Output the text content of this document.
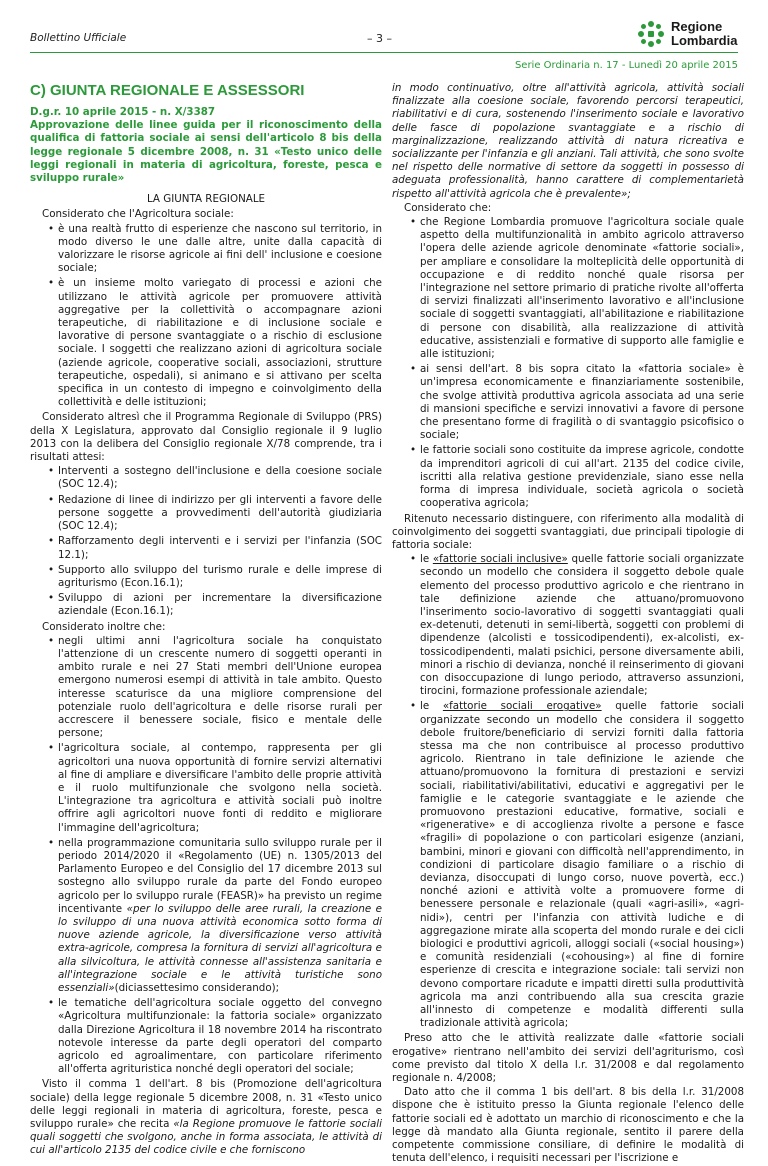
Bollettino Ufficiale	– 3 –
Regione
Lombardia
Serie Ordinaria n. 17 - Lunedì 20 aprile 2015
C) GIUNTA REGIONALE E ASSESSORI
D.g.r. 10 aprile 2015 - n. X/3387
Approvazione delle linee guida per il riconoscimento della qualifica di fattoria sociale ai sensi dell'articolo 8 bis della legge regionale 5 dicembre 2008, n. 31 «Testo unico delle leggi regionali in materia di agricoltura, foreste, pesca e sviluppo rurale»
LA GIUNTA REGIONALE

Considerato che l'Agricoltura sociale:

• è una realtà frutto di esperienze che nascono sul territorio, in modo diverso le une dalle altre, unite dalla capacità di valorizzare le risorse agricole ai fini dell' inclusione e coesione sociale;
• è un insieme molto variegato di processi e azioni che utilizzano le attività agricole per promuovere attività aggregative per la collettività o accompagnare azioni terapeutiche, di riabilitazione e di inclusione sociale e lavorative di persone svantaggiate o a rischio di esclusione sociale. I soggetti che realizzano azioni di agricoltura sociale (aziende agricole, cooperative sociali, associazioni, strutture terapeutiche, ospedali), si animano e si attivano per scelta specifica in un contesto di impegno e coinvolgimento della collettività e delle istituzioni;

Considerato altresì che il Programma Regionale di Sviluppo (PRS) della X Legislatura, approvato dal Consiglio regionale il 9 luglio 2013 con la delibera del Consiglio regionale X/78 comprende, tra i risultati attesi:

• Interventi a sostegno dell'inclusione e della coesione sociale (SOC 12.4);
• Redazione di linee di indirizzo per gli interventi a favore delle persone soggette a provvedimenti dell'autorità giudiziaria (SOC 12.4);
• Rafforzamento degli interventi e i servizi per l'infanzia (SOC 12.1);
• Supporto allo sviluppo del turismo rurale e delle imprese di agriturismo (Econ.16.1);
• Sviluppo di azioni per incrementare la diversificazione aziendale (Econ.16.1);

Considerato inoltre che:

• negli ultimi anni l'agricoltura sociale ha conquistato l'attenzione di un crescente numero di soggetti operanti in ambito rurale e nei 27 Stati membri dell'Unione europea emergono numerosi esempi di attività in tale ambito. Questo interesse scaturisce da una migliore comprensione del potenziale ruolo dell'agricoltura e delle risorse rurali per accrescere il benessere sociale, fisico e mentale delle persone;
• l'agricoltura sociale, al contempo, rappresenta per gli agricoltori una nuova opportunità di fornire servizi alternativi al fine di ampliare e diversificare l'ambito delle proprie attività e il ruolo multifunzionale che svolgono nella società. L'integrazione tra agricoltura e attività sociali può inoltre offrire agli agricoltori nuove fonti di reddito e migliorare l'immagine dell'agricoltura;
• nella programmazione comunitaria sullo sviluppo rurale per il periodo 2014/2020 il «Regolamento (UE) n. 1305/2013 del Parlamento Europeo e del Consiglio del 17 dicembre 2013 sul sostegno allo sviluppo rurale da parte del Fondo europeo agricolo per lo sviluppo rurale (FEASR)» ha previsto un regime incentivante «per lo sviluppo delle aree rurali, la creazione e lo sviluppo di una nuova attività economica sotto forma di nuove aziende agricole, la diversificazione verso attività extra-agricole, compresa la fornitura di servizi all'agricoltura e alla silvicoltura, le attività connesse all'assistenza sanitaria e all'integrazione sociale e le attività turistiche sono essenziali»(diciassettesimo considerando);
• le tematiche dell'agricoltura sociale oggetto del convegno «Agricoltura multifunzionale: la fattoria sociale» organizzato dalla Direzione Agricoltura il 18 novembre 2014 ha riscontrato notevole interesse da parte degli operatori del comparto agricolo ed agroalimentare, con particolare riferimento all'offerta agrituristica nonché degli operatori del sociale;

Visto il comma 1 dell'art. 8 bis (Promozione dell'agricoltura sociale) della legge regionale 5 dicembre 2008, n. 31 «Testo unico delle leggi regionali in materia di agricoltura, foreste, pesca e sviluppo rurale» che recita «la Regione promuove le fattorie sociali quali soggetti che svolgono, anche in forma associata, le attività di cui all'articolo 2135 del codice civile e che forniscono

in modo continuativo, oltre all'attività agricola, attività sociali finalizzate alla coesione sociale, favorendo percorsi terapeutici, riabilitativi e di cura, sostenendo l'inserimento sociale e lavorativo delle fasce di popolazione svantaggiate e a rischio di marginalizzazione, realizzando attività di natura ricreativa e socializzante per l'infanzia e gli anziani. Tali attività, che sono svolte nel rispetto delle normative di settore da soggetti in possesso di adeguata professionalità, hanno carattere di complementarietà rispetto all'attività agricola che è prevalente»;

Considerato che:

• che Regione Lombardia promuove l'agricoltura sociale quale aspetto della multifunzionalità in ambito agricolo attraverso l'opera delle aziende agricole denominate «fattorie sociali», per ampliare e consolidare la molteplicità delle opportunità di occupazione e di reddito nonché quale risorsa per l'integrazione nel settore primario di pratiche rivolte all'offerta di servizi finalizzati all'inserimento lavorativo e all'inclusione sociale di soggetti svantaggiati, all'abilitazione e riabilitazione di persone con disabilità, alla realizzazione di attività educative, assistenziali e formative di supporto alle famiglie e alle istituzioni;
• ai sensi dell'art. 8 bis sopra citato la «fattoria sociale» è un'impresa economicamente e finanziariamente sostenibile, che svolge attività produttiva agricola associata ad una serie di mansioni specifiche e servizi innovativi a favore di persone che presentano forme di fragilità o di svantaggio psicofisico o sociale;
• le fattorie sociali sono costituite da imprese agricole, condotte da imprenditori agricoli di cui all'art. 2135 del codice civile, iscritti alla relativa gestione previdenziale, siano esse nella forma di impresa individuale, società agricola o società cooperativa agricola;

Ritenuto necessario distinguere, con riferimento alla modalità di coinvolgimento dei soggetti svantaggiati, due principali tipologie di fattoria sociale:

• le «fattorie sociali inclusive» quelle fattorie sociali organizzate secondo un modello che considera il soggetto debole quale elemento del processo produttivo agricolo e che rientrano in tale definizione aziende che attuano/promuovono l'inserimento socio-lavorativo di soggetti svantaggiati quali ex-detenuti, detenuti in semi-libertà, soggetti con problemi di dipendenze (alcolisti e tossicodipendenti), ex-alcolisti, ex-tossicodipendenti, malati psichici, persone diversamente abili, minori a rischio di devianza, nonché il reinserimento di giovani con disoccupazione di lungo periodo, attraverso assunzioni, tirocini, formazione professionale aziendale;
• le «fattorie sociali erogative» quelle fattorie sociali organizzate secondo un modello che considera il soggetto debole fruitore/beneficiario di servizi forniti dalla fattoria stessa ma che non contribuisce al processo produttivo agricolo. Rientrano in tale definizione le aziende che attuano/promuovono la fornitura di prestazioni e servizi sociali, riabilitativi/abilitativi, educativi e aggregativi per le famiglie e le categorie svantaggiate e le aziende che promuovono prestazioni educative, formative, sociali e «rigenerative» e di accoglienza rivolte a persone e fasce «fragili» di popolazione o con particolari esigenze (anziani, bambini, minori e giovani con difficoltà nell'apprendimento, in condizioni di particolare disagio familiare o a rischio di devianza, disoccupati di lungo corso, nuove povertà, ecc.) nonché azioni e attività volte a promuovere forme di benessere personale e relazionale (quali «agri-asili», «agri-nidi»), centri per l'infanzia con attività ludiche e di aggregazione mirate alla scoperta del mondo rurale e dei cicli biologici e produttivi agricoli, alloggi sociali («social housing») e comunità residenziali («cohousing») al fine di fornire esperienze di crescita e integrazione sociale: tali servizi non devono comportare ricadute e impatti diretti sulla produttività agricola ma anzi contribuendo alla sua crescita grazie all'innesto di competenze e modalità differenti sulla tradizionale attività agricola;

Preso atto che le attività realizzate dalle «fattorie sociali erogative» rientrano nell'ambito dei servizi dell'agriturismo, così come previsto dal titolo X della l.r. 31/2008 e dal regolamento regionale n. 4/2008;

Dato atto che il comma 1 bis dell'art. 8 bis della l.r. 31/2008 dispone che è istituito presso la Giunta regionale l'elenco delle fattorie sociali ed è adottato un marchio di riconoscimento e che la legge dà mandato alla Giunta regionale, sentito il parere della competente commissione consiliare, di definire le modalità di tenuta dell'elenco, i requisiti necessari per l'iscrizione e
